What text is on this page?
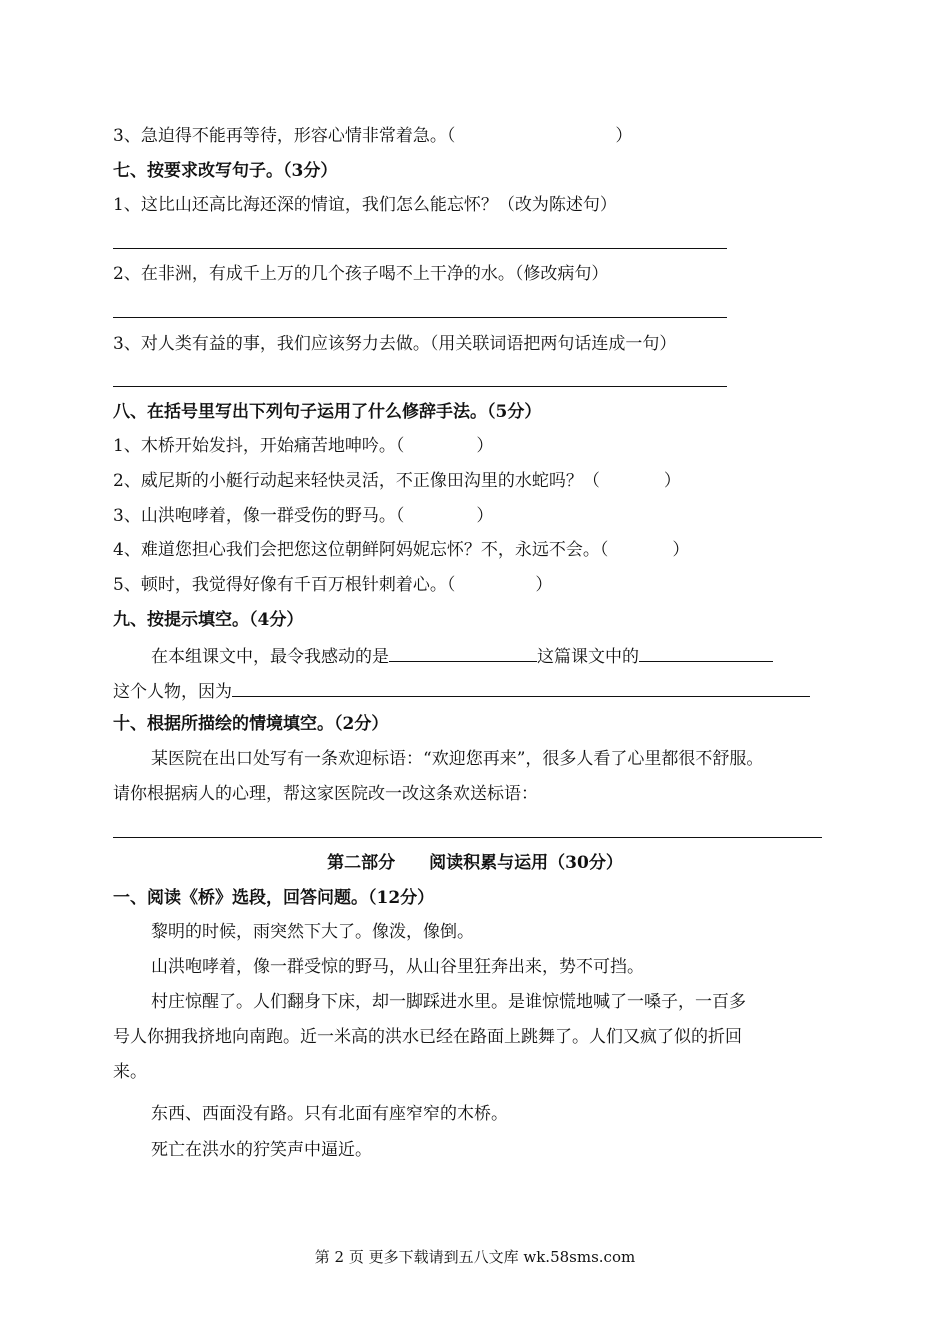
3、急迫得不能再等待，形容心情非常着急。（	）
七、按要求改写句子。（3分）
1、这比山还高比海还深的情谊，我们怎么能忘怀？（改为陈述句）
2、在非洲，有成千上万的几个孩子喝不上干净的水。（修改病句）
3、对人类有益的事，我们应该努力去做。（用关联词语把两句话连成一句）
八、在括号里写出下列句子运用了什么修辞手法。（5分）
1、木桥开始发抖，开始痛苦地呻吟。（	）
2、威尼斯的小艇行动起来轻快灵活，不正像田沟里的水蛇吗？（	）
3、山洪咆哮着，像一群受伤的野马。（	）
4、难道您担心我们会把您这位朝鲜阿妈妮忘怀？不，永远不会。（	）
5、顿时，我觉得好像有千百万根针刺着心。（	）
九、按提示填空。（4分）
在本组课文中，最令我感动的是	这篇课文中的
这个人物，因为
十、根据所描绘的情境填空。（2分）
某医院在出口处写有一条欢迎标语：“欢迎您再来”，很多人看了心里都很不舒服。
请你根据病人的心理，帮这家医院改一改这条欢送标语：
第二部分　　阅读积累与运用（30分）
一、阅读《桥》选段，回答问题。（12分）
黎明的时候，雨突然下大了。像泼，像倒。
山洪咆哮着，像一群受惊的野马，从山谷里狂奔出来，势不可挡。
村庄惊醒了。人们翻身下床，却一脚踩进水里。是谁惊慌地喊了一嗓子，一百多
号人你拥我挤地向南跑。近一米高的洪水已经在路面上跳舞了。人们又疯了似的折回
来。
东西、西面没有路。只有北面有座窄窄的木桥。
死亡在洪水的狞笑声中逼近。
第 2 页 更多下载请到五八文库 wk.58sms.com
